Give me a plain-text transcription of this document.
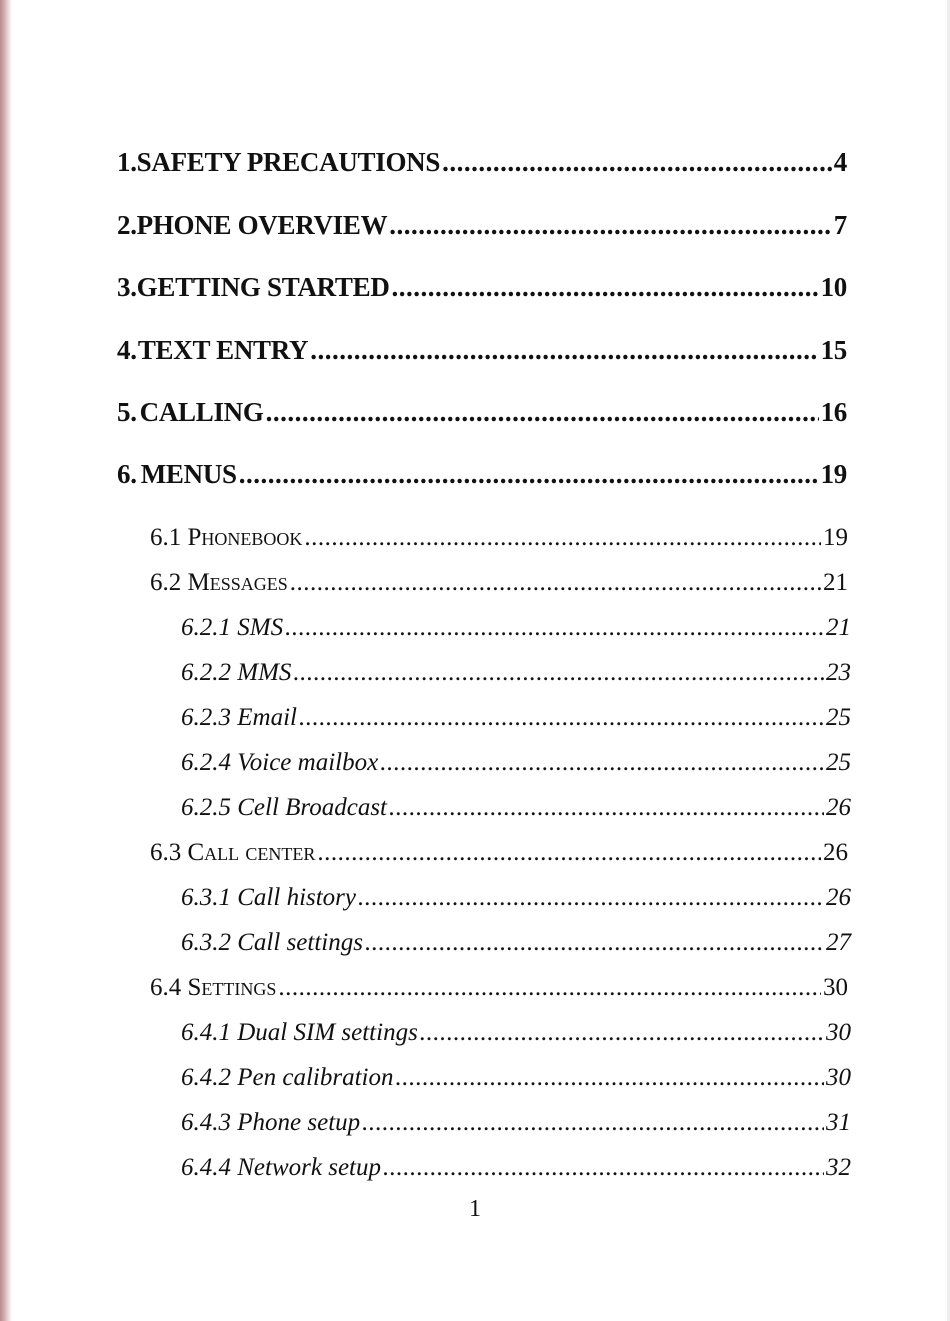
1. SAFETY PRECAUTIONS .....	4
2. PHONE OVERVIEW .....	7
3. GETTING STARTED .....	10
4. TEXT ENTRY .....	15
5. CALLING .....	16
6. MENUS .....	19
6.1 Phonebook .....	19
6.2 Messages .....	21
6.2.1 SMS .....	21
6.2.2 MMS .....	23
6.2.3 Email .....	25
6.2.4 Voice mailbox .....	25
6.2.5 Cell Broadcast .....	26
6.3 Call center .....	26
6.3.1 Call history .....	26
6.3.2 Call settings .....	27
6.4 Settings .....	30
6.4.1 Dual SIM settings .....	30
6.4.2 Pen calibration .....	30
6.4.3 Phone setup .....	31
6.4.4 Network setup .....	32
1
